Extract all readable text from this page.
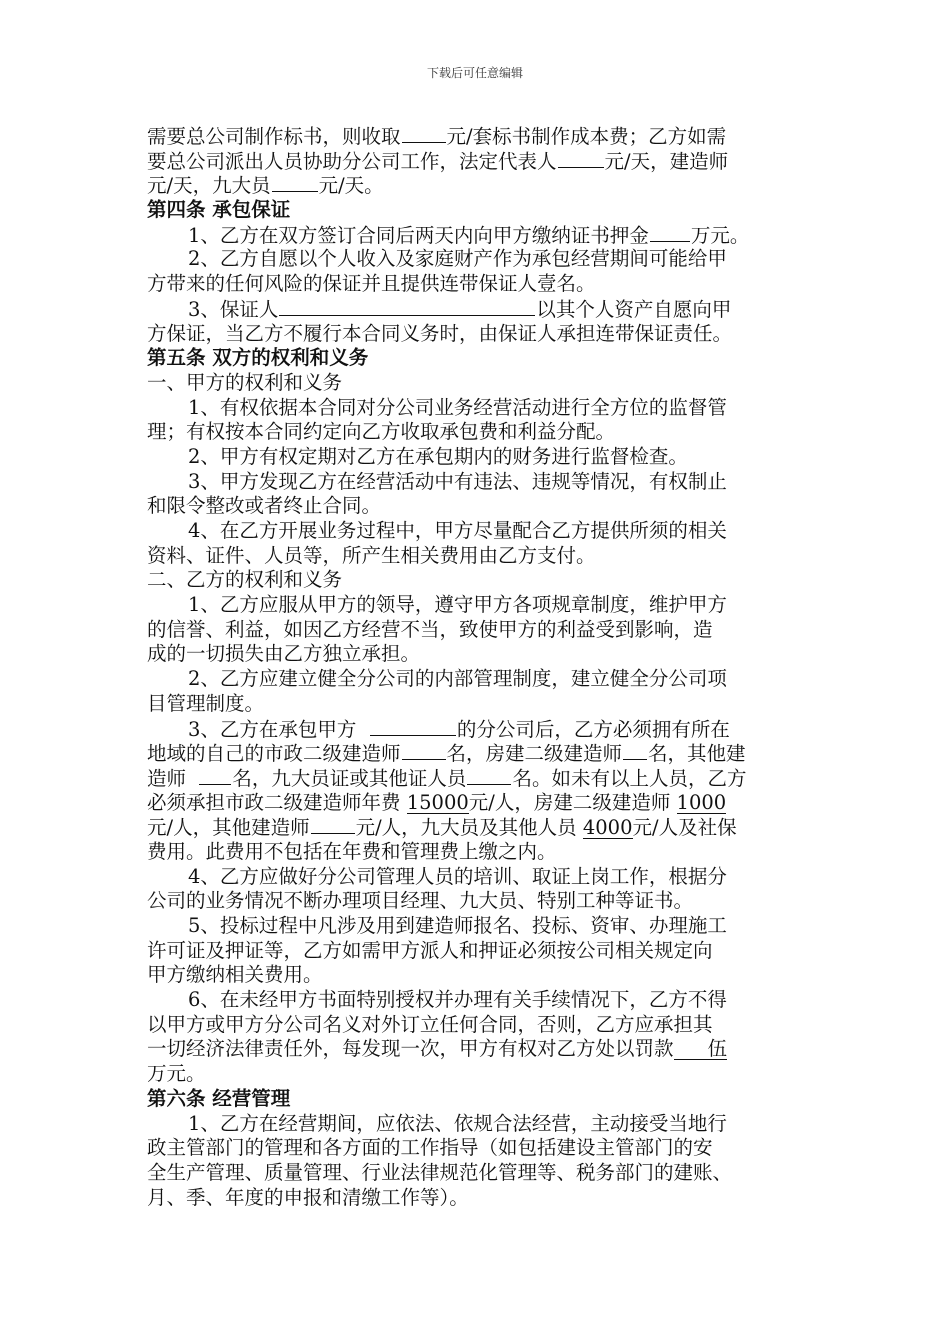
下载后可任意编辑
需要总公司制作标书，则收取 元/套标书制作成本费；乙方如需
要总公司派出人员协助分公司工作，法定代表人 元/天，建造师
元/天，九大员 元/天。
第四条 承包保证
1、乙方在双方签订合同后两天内向甲方缴纳证书押金 万元。
2、乙方自愿以个人收入及家庭财产作为承包经营期间可能给甲
方带来的任何风险的保证并且提供连带保证人壹名。
3、保证人	以其个人资产自愿向甲
方保证，当乙方不履行本合同义务时，由保证人承担连带保证责任。
第五条 双方的权利和义务
一、甲方的权利和义务
1、有权依据本合同对分公司业务经营活动进行全方位的监督管
理；有权按本合同约定向乙方收取承包费和利益分配。
2、甲方有权定期对乙方在承包期内的财务进行监督检查。
3、甲方发现乙方在经营活动中有违法、违规等情况，有权制止
和限令整改或者终止合同。
4、在乙方开展业务过程中，甲方尽量配合乙方提供所须的相关
资料、证件、人员等，所产生相关费用由乙方支付。
二、乙方的权利和义务
1、乙方应服从甲方的领导，遵守甲方各项规章制度，维护甲方
的信誉、利益，如因乙方经营不当，致使甲方的利益受到影响，造
成的一切损失由乙方独立承担。
2、乙方应建立健全分公司的内部管理制度，建立健全分公司项
目管理制度。
3、乙方在承包甲方	的分公司后，乙方必须拥有所在
地域的自己的市政二级建造师 名，房建二级建造师 名，其他建
造师 名，九大员证或其他证人员 名。如未有以上人员，乙方
必须承担市政二级建造师年费 15000元/人，房建二级建造师 1000
元/人，其他建造师 元/人，九大员及其他人员 4000元/人及社保
费用。此费用不包括在年费和管理费上缴之内。
4、乙方应做好分公司管理人员的培训、取证上岗工作，根据分
公司的业务情况不断办理项目经理、九大员、特别工种等证书。
5、投标过程中凡涉及用到建造师报名、投标、资审、办理施工
许可证及押证等，乙方如需甲方派人和押证必须按公司相关规定向
甲方缴纳相关费用。
6、在未经甲方书面特别授权并办理有关手续情况下，乙方不得
以甲方或甲方分公司名义对外订立任何合同，否则，乙方应承担其
一切经济法律责任外，每发现一次，甲方有权对乙方处以罚款 伍
万元。
第六条 经营管理
1、乙方在经营期间，应依法、依规合法经营，主动接受当地行
政主管部门的管理和各方面的工作指导（如包括建设主管部门的安
全生产管理、质量管理、行业法律规范化管理等、税务部门的建账、
月、季、年度的申报和清缴工作等）。
